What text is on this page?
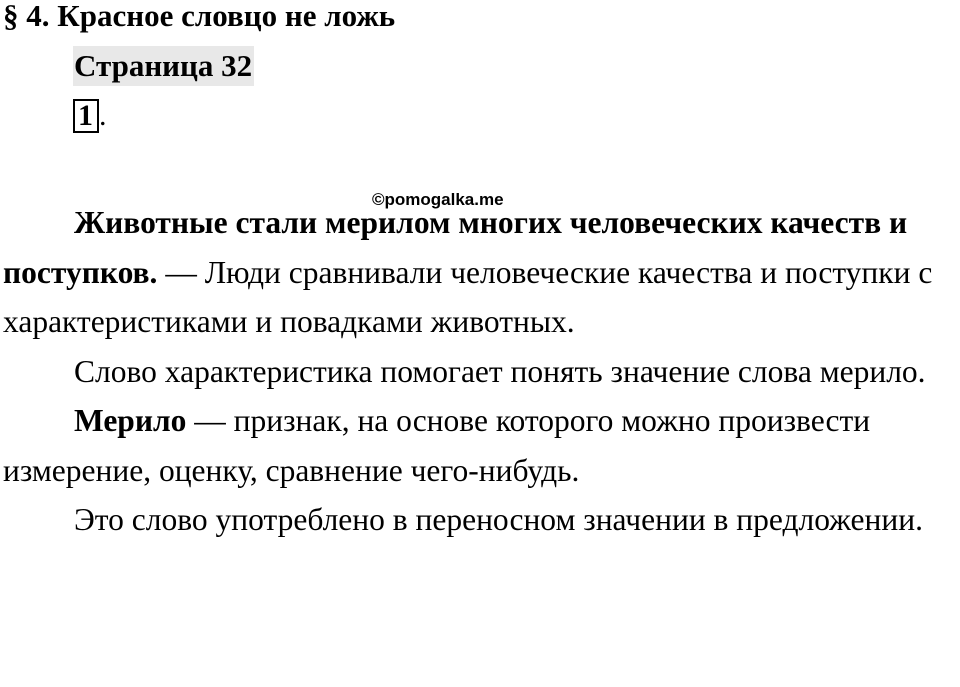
§ 4. Красное словцо не ложь
Страница 32
1 .

Животные стали мерилом многих человеческих качеств и поступков. — Люди сравнивали человеческие качества и поступки с характеристиками и повадками животных.

Слово характеристика помогает понять значение слова мерило.

Мерило — признак, на основе которого можно произвести измерение, оценку, сравнение чего-нибудь.

Это слово употреблено в переносном значении в предложении.

©pomogalka.me
